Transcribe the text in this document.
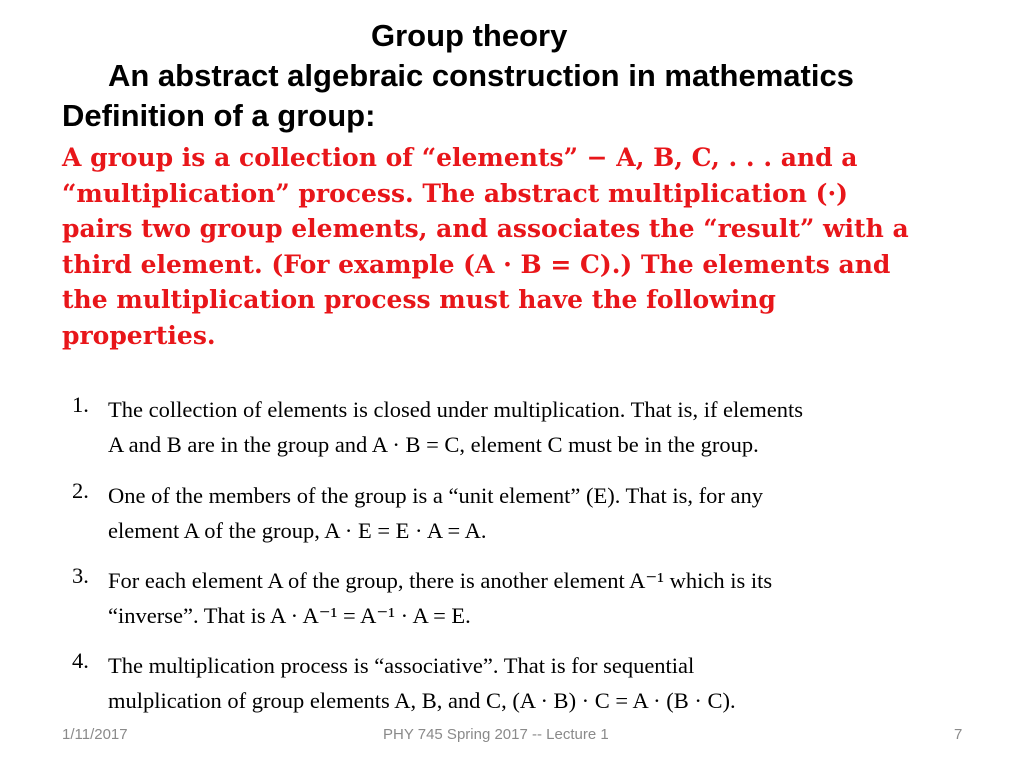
Group theory
An abstract algebraic construction in mathematics
Definition of a group:
A group is a collection of “elements” − A, B, C, . . . and a
“multiplication” process. The abstract multiplication (·)
pairs two group elements, and associates the “result” with a
third element. (For example (A · B = C).) The elements and
the multiplication process must have the following
properties.
1. The collection of elements is closed under multiplication. That is, if elements
A and B are in the group and A · B = C, element C must be in the group.
2. One of the members of the group is a “unit element” (E). That is, for any
element A of the group, A · E = E · A = A.
3. For each element A of the group, there is another element A⁻¹ which is its
“inverse”. That is A · A⁻¹ = A⁻¹ · A = E.
4. The multiplication process is “associative”. That is for sequential
mulplication of group elements A, B, and C, (A · B) · C = A · (B · C).
1/11/2017	PHY 745 Spring 2017 -- Lecture 1	7
